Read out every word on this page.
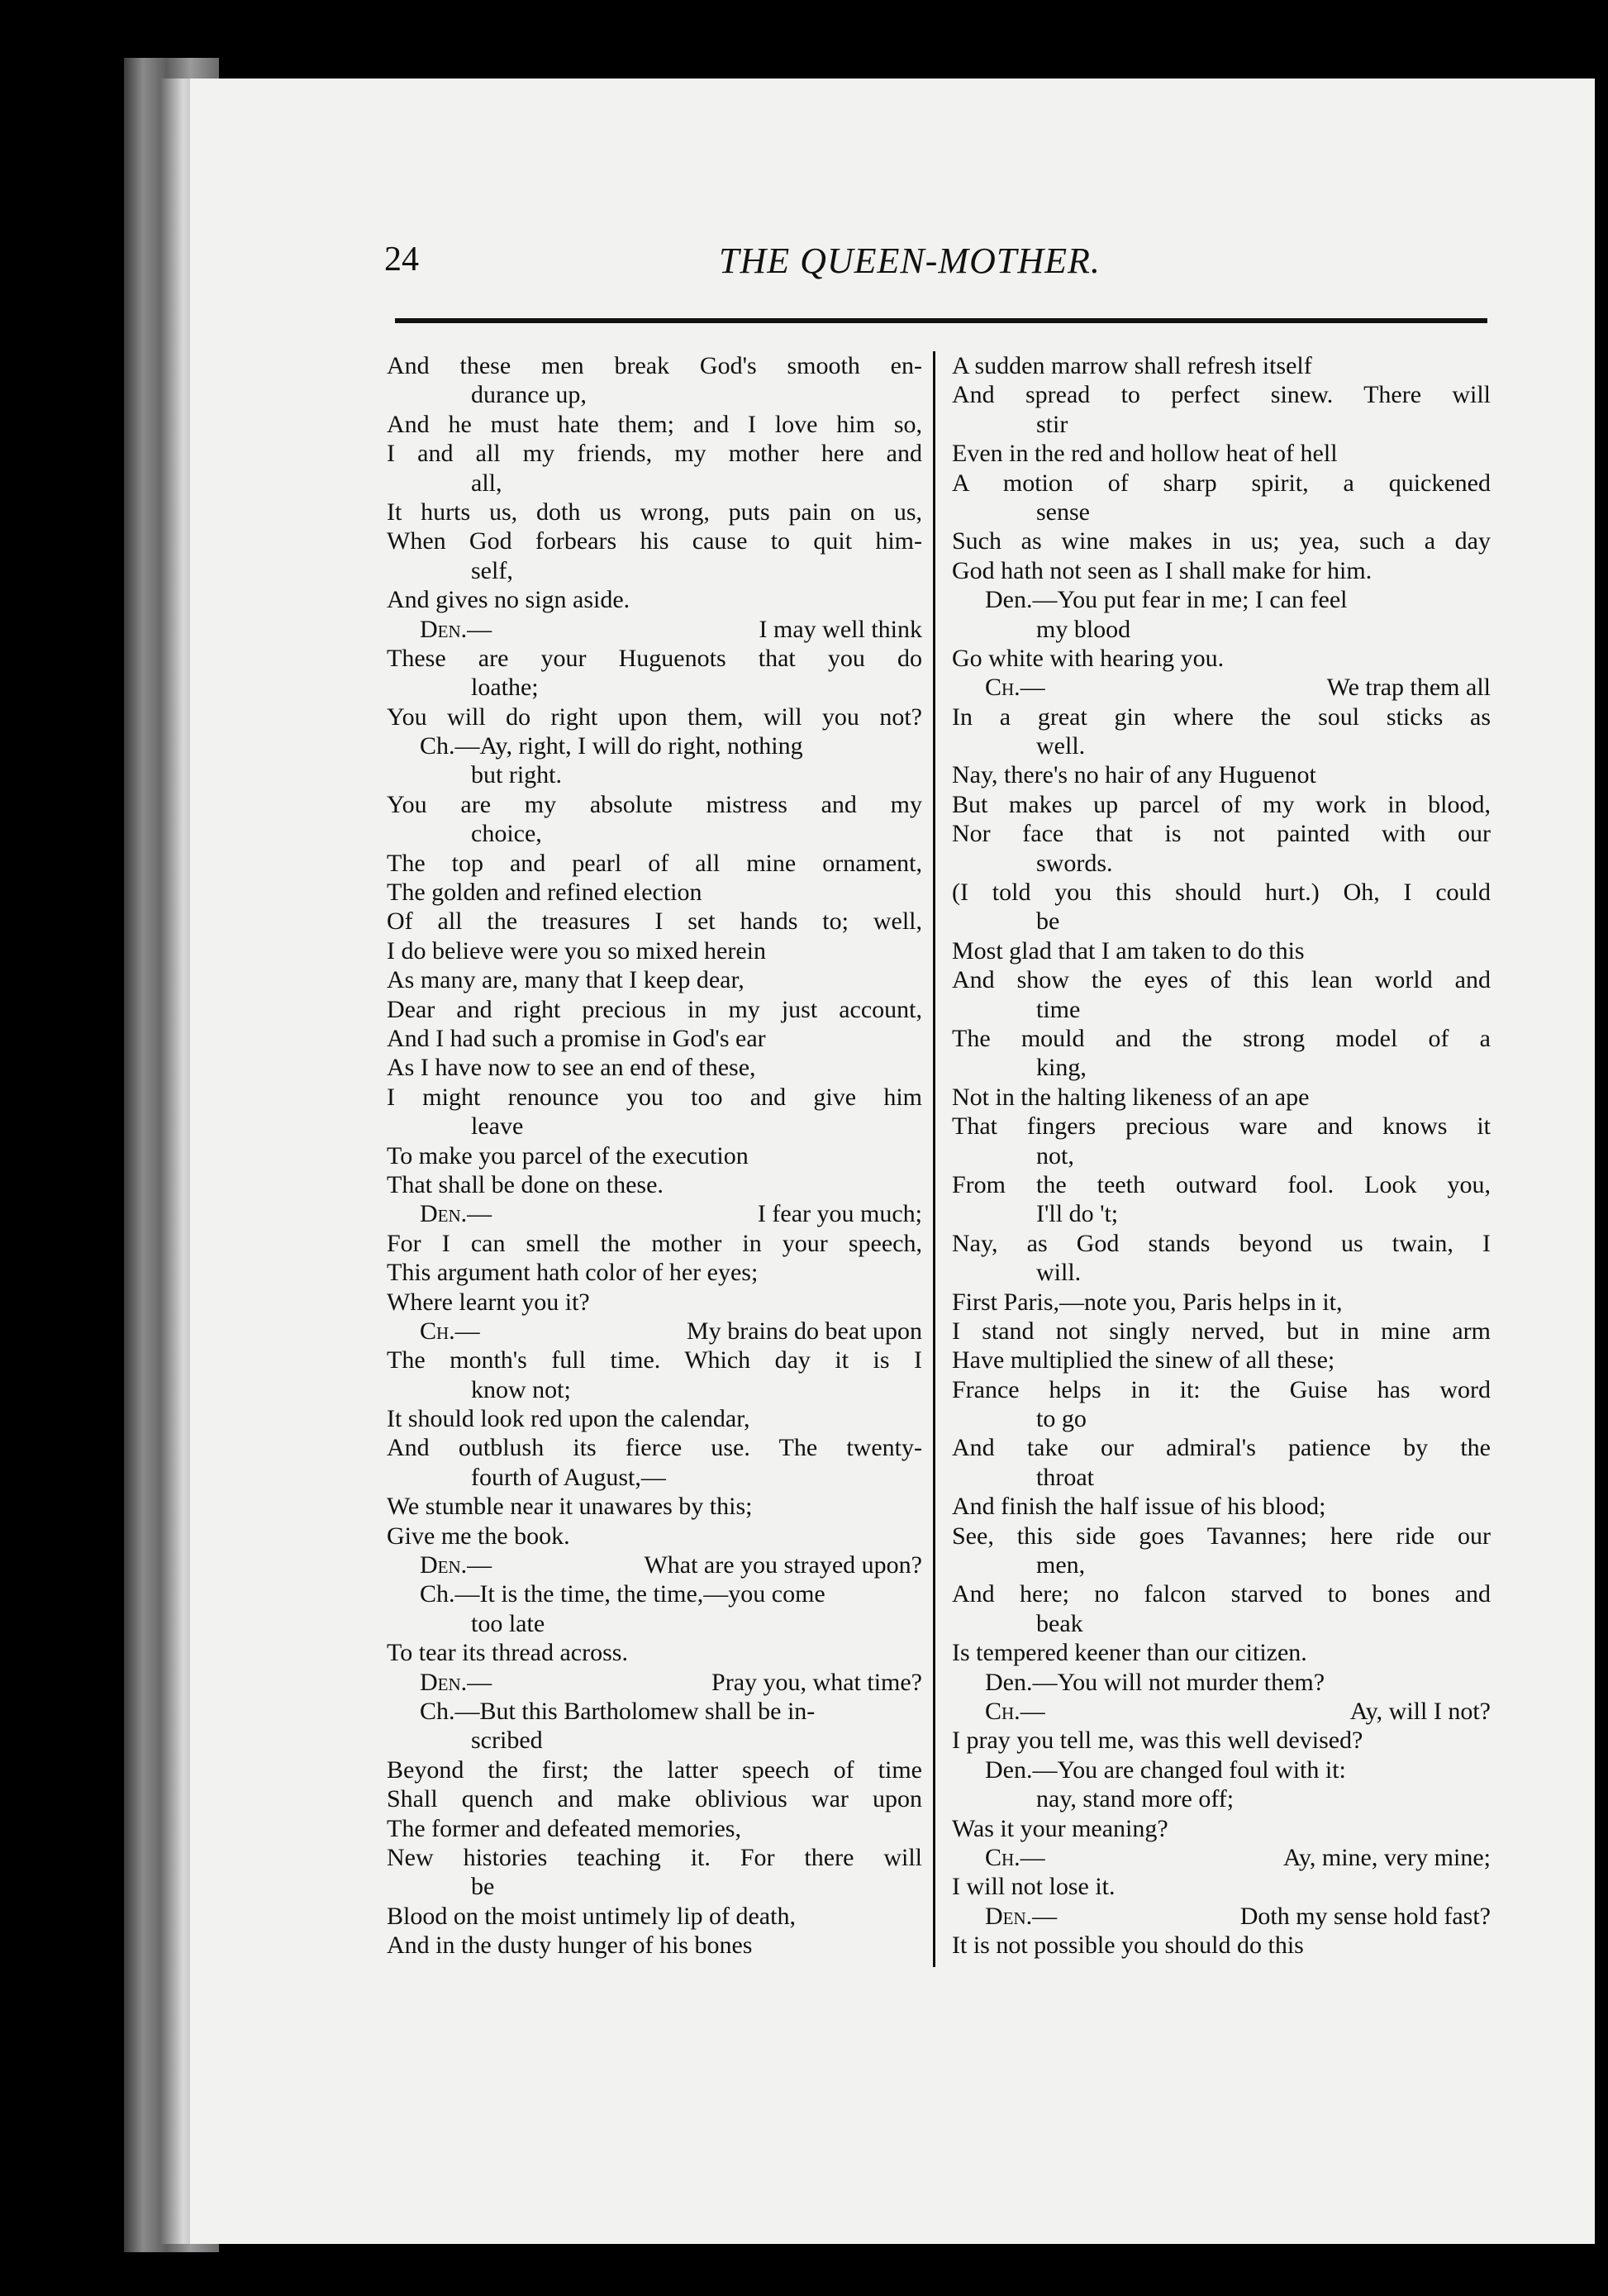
24	THE QUEEN-MOTHER.
And these men break God's smooth en-
durance up,
And he must hate them; and I love him so,
I and all my friends, my mother here and
all,
It hurts us, doth us wrong, puts pain on us,
When God forbears his cause to quit him-
self,
And gives no sign aside.
Den.—	I may well think
These are your Huguenots that you do
loathe;
You will do right upon them, will you not?
Ch.—Ay, right, I will do right, nothing
but right.
You are my absolute mistress and my
choice,
The top and pearl of all mine ornament,
The golden and refined election
Of all the treasures I set hands to; well,
I do believe were you so mixed herein
As many are, many that I keep dear,
Dear and right precious in my just account,
And I had such a promise in God's ear
As I have now to see an end of these,
I might renounce you too and give him
leave
To make you parcel of the execution
That shall be done on these.
Den.—	I fear you much;
For I can smell the mother in your speech,
This argument hath color of her eyes;
Where learnt you it?
Ch.—	My brains do beat upon
The month's full time. Which day it is I
know not;
It should look red upon the calendar,
And outblush its fierce use. The twenty-
fourth of August,—
We stumble near it unawares by this;
Give me the book.
Den.—	What are you strayed upon?
Ch.—It is the time, the time,—you come
too late
To tear its thread across.
Den.—	Pray you, what time?
Ch.—But this Bartholomew shall be in-
scribed
Beyond the first; the latter speech of time
Shall quench and make oblivious war upon
The former and defeated memories,
New histories teaching it. For there will
be
Blood on the moist untimely lip of death,
And in the dusty hunger of his bones
A sudden marrow shall refresh itself
And spread to perfect sinew. There will
stir
Even in the red and hollow heat of hell
A motion of sharp spirit, a quickened
sense
Such as wine makes in us; yea, such a day
God hath not seen as I shall make for him.
Den.—You put fear in me; I can feel
my blood
Go white with hearing you.
Ch.—	We trap them all
In a great gin where the soul sticks as
well.
Nay, there's no hair of any Huguenot
But makes up parcel of my work in blood,
Nor face that is not painted with our
swords.
(I told you this should hurt.) Oh, I could
be
Most glad that I am taken to do this
And show the eyes of this lean world and
time
The mould and the strong model of a
king,
Not in the halting likeness of an ape
That fingers precious ware and knows it
not,
From the teeth outward fool. Look you,
I'll do 't;
Nay, as God stands beyond us twain, I
will.
First Paris,—note you, Paris helps in it,
I stand not singly nerved, but in mine arm
Have multiplied the sinew of all these;
France helps in it: the Guise has word
to go
And take our admiral's patience by the
throat
And finish the half issue of his blood;
See, this side goes Tavannes; here ride our
men,
And here; no falcon starved to bones and
beak
Is tempered keener than our citizen.
Den.—You will not murder them?
Ch.—	Ay, will I not?
I pray you tell me, was this well devised?
Den.—You are changed foul with it:
nay, stand more off;
Was it your meaning?
Ch.—	Ay, mine, very mine;
I will not lose it.
Den.—	Doth my sense hold fast?
It is not possible you should do this
